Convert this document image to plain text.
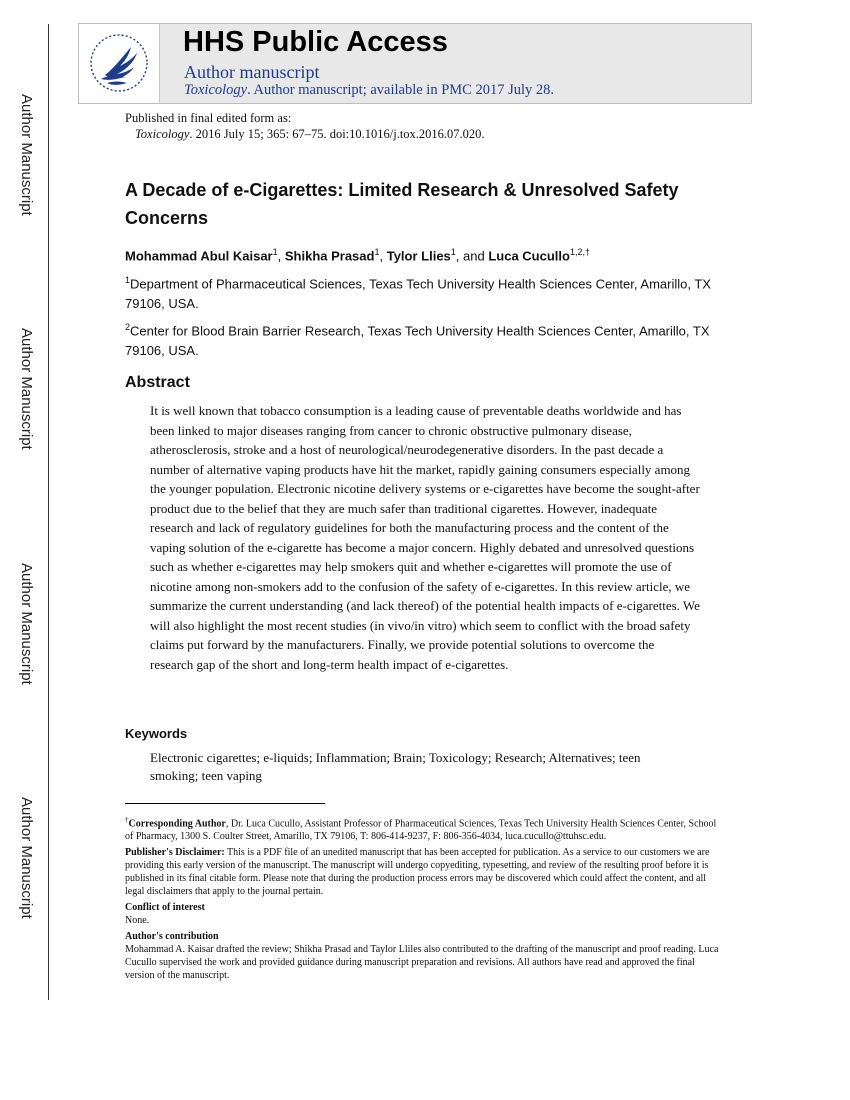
Author Manuscript
Author Manuscript
Author Manuscript
Author Manuscript
HHS Public Access
Author manuscript
Toxicology. Author manuscript; available in PMC 2017 July 28.
Published in final edited form as:
Toxicology. 2016 July 15; 365: 67–75. doi:10.1016/j.tox.2016.07.020.
A Decade of e-Cigarettes: Limited Research & Unresolved Safety Concerns
Mohammad Abul Kaisar$^1$, Shikha Prasad$^1$, Tylor Llies$^1$, and Luca Cucullo$^{1,2,\dagger}$
$^1$Department of Pharmaceutical Sciences, Texas Tech University Health Sciences Center, Amarillo, TX 79106, USA.
$^2$Center for Blood Brain Barrier Research, Texas Tech University Health Sciences Center, Amarillo, TX 79106, USA.
Abstract
It is well known that tobacco consumption is a leading cause of preventable deaths worldwide and has been linked to major diseases ranging from cancer to chronic obstructive pulmonary disease, atherosclerosis, stroke and a host of neurological/neurodegenerative disorders. In the past decade a number of alternative vaping products have hit the market, rapidly gaining consumers especially among the younger population. Electronic nicotine delivery systems or e-cigarettes have become the sought-after product due to the belief that they are much safer than traditional cigarettes. However, inadequate research and lack of regulatory guidelines for both the manufacturing process and the content of the vaping solution of the e-cigarette has become a major concern. Highly debated and unresolved questions such as whether e-cigarettes may help smokers quit and whether e-cigarettes will promote the use of nicotine among non-smokers add to the confusion of the safety of e-cigarettes. In this review article, we summarize the current understanding (and lack thereof) of the potential health impacts of e-cigarettes. We will also highlight the most recent studies (in vivo/in vitro) which seem to conflict with the broad safety claims put forward by the manufacturers. Finally, we provide potential solutions to overcome the research gap of the short and long-term health impact of e-cigarettes.
Keywords
Electronic cigarettes; e-liquids; Inflammation; Brain; Toxicology; Research; Alternatives; teen smoking; teen vaping

†Corresponding Author, Dr. Luca Cucullo, Assistant Professor of Pharmaceutical Sciences, Texas Tech University Health Sciences Center, School of Pharmacy, 1300 S. Coulter Street, Amarillo, TX 79106, T: 806-414-9237, F: 806-356-4034, luca.cucullo@ttuhsc.edu.

Publisher's Disclaimer: This is a PDF file of an unedited manuscript that has been accepted for publication. As a service to our customers we are providing this early version of the manuscript. The manuscript will undergo copyediting, typesetting, and review of the resulting proof before it is published in its final citable form. Please note that during the production process errors may be discovered which could affect the content, and all legal disclaimers that apply to the journal pertain.

Conflict of interest

None.

Author's contribution

Mohammad A. Kaisar drafted the review; Shikha Prasad and Taylor Lliles also contributed to the drafting of the manuscript and proof reading. Luca Cucullo supervised the work and provided guidance during manuscript preparation and revisions. All authors have read and approved the final version of the manuscript.
